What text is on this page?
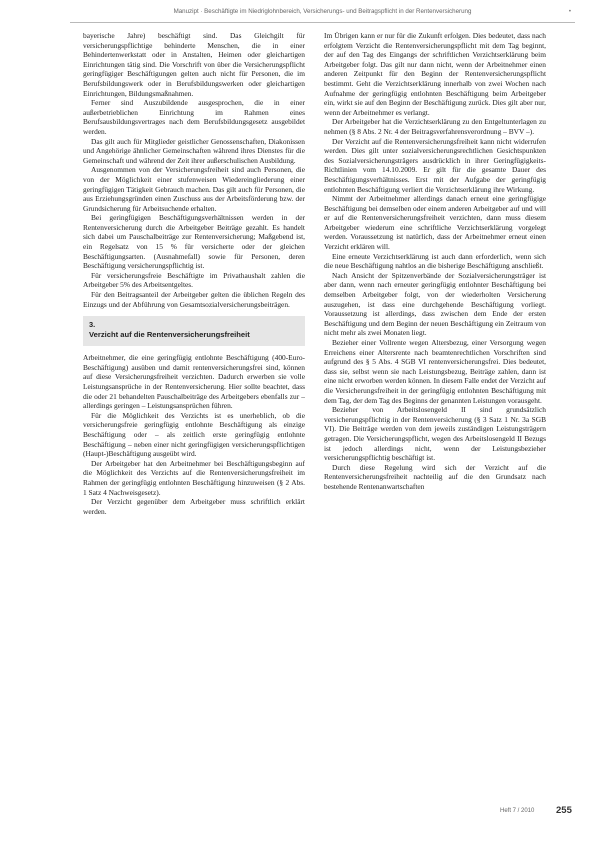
Manuzipt · Beschäftigte im Niedriglohnbereich, Versicherungs- und Beitragspflicht in der Rentenversicherung	•

bayerische Jahre) beschäftigt sind. Das Gleichgilt für versicherungspflichtige behinderte Menschen, die in einer Behindertenwerkstatt oder in Anstalten, Heimen oder gleichartigen Einrichtungen tätig sind. Die Vorschrift von über die Versicherungspflicht geringfügiger Beschäftigungen gelten auch nicht für Personen, die im Berufsbildungswerk oder in Berufsbildungswerken oder gleichartigen Einrichtungen, Bildungsmaßnahmen.

Ferner sind Auszubildende ausgesprochen, die in einer außerbetrieblichen Einrichtung im Rahmen eines Berufsausbildungsvertrages nach dem Berufsbildungsgesetz ausgebildet werden.

Das gilt auch für Mitglieder geistlicher Genossenschaften, Diakonissen und Angehörige ähnlicher Gemeinschaften während ihres Dienstes für die Gemeinschaft und während der Zeit ihrer außerschulischen Ausbildung.

Ausgenommen von der Versicherungsfreiheit sind auch Personen, die von der Möglichkeit einer stufenweisen Wiedereingliederung einer geringfügigen Tätigkeit Gebrauch machen. Das gilt auch für Personen, die aus Erziehungsgründen einen Zuschuss aus der Arbeitsförderung bzw. der Grundsicherung für Arbeitsuchende erhalten.

Bei geringfügigen Beschäftigungsverhältnissen werden in der Rentenversicherung durch die Arbeitgeber Beiträge gezahlt. Es handelt sich dabei um Pauschalbeiträge zur Rentenversicherung; Maßgebend ist, ein Regelsatz von 15 % für versicherte oder der gleichen Beschäftigungsarten. (Ausnahmefall) sowie für Personen, deren Beschäftigung versicherungspflichtig ist.

Für versicherungsfreie Beschäftigte im Privathaushalt zahlen die Arbeitgeber 5% des Arbeitsentgeltes.

Für den Beitragsanteil der Arbeitgeber gelten die üblichen Regeln des Einzugs und der Abführung von Gesamtsozialversicherungsbeiträgen.

3.
Verzicht auf die Rentenversicherungsfreiheit

Arbeitnehmer, die eine geringfügig entlohnte Beschäftigung (400-Euro-Beschäftigung) ausüben und damit rentenversicherungsfrei sind, können auf diese Versicherungsfreiheit verzichten. Dadurch erwerben sie volle Leistungsansprüche in der Rentenversicherung. Hier sollte beachtet, dass die oder 21 behandelten Pauschalbeiträge des Arbeitgebers ebenfalls zur – allerdings geringen – Leistungsansprüchen führen.

Für die Möglichkeit des Verzichts ist es unerheblich, ob die versicherungsfreie geringfügig entlohnte Beschäftigung als einzige Beschäftigung oder – als zeitlich erste geringfügig entlohnte Beschäftigung – neben einer nicht geringfügigen versicherungspflichtigen (Haupt-)Beschäftigung ausgeübt wird.

Der Arbeitgeber hat den Arbeitnehmer bei Beschäftigungsbeginn auf die Möglichkeit des Verzichts auf die Rentenversicherungsfreiheit im Rahmen der geringfügig entlohnten Beschäftigung hinzuweisen (§ 2 Abs. 1 Satz 4 Nachweisgesetz).

Der Verzicht gegenüber dem Arbeitgeber muss schriftlich erklärt werden.

Im Übrigen kann er nur für die Zukunft erfolgen. Dies bedeutet, dass nach erfolgtem Verzicht die Rentenversicherungspflicht mit dem Tag beginnt, der auf den Tag des Eingangs der schriftlichen Verzichtserklärung beim Arbeitgeber folgt. Das gilt nur dann nicht, wenn der Arbeitnehmer einen anderen Zeitpunkt für den Beginn der Rentenversicherungspflicht bestimmt. Geht die Verzichtserklärung innerhalb von zwei Wochen nach Aufnahme der geringfügig entlohnten Beschäftigung beim Arbeitgeber ein, wirkt sie auf den Beginn der Beschäftigung zurück. Dies gilt aber nur, wenn der Arbeitnehmer es verlangt.

Der Arbeitgeber hat die Verzichtserklärung zu den Entgeltunterlagen zu nehmen (§ 8 Abs. 2 Nr. 4 der Beitragsverfahrensverordnung – BVV –).

Der Verzicht auf die Rentenversicherungsfreiheit kann nicht widerrufen werden. Dies gilt unter sozialversicherungsrechtlichen Gesichtspunkten des Sozialversicherungsträgers ausdrücklich in ihrer Geringfügigkeits-Richtlinien vom 14.10.2009. Er gilt für die gesamte Dauer des Beschäftigungsverhältnisses. Erst mit der Aufgabe der geringfügig entlohnten Beschäftigung verliert die Verzichtserklärung ihre Wirkung.

Nimmt der Arbeitnehmer allerdings danach erneut eine geringfügige Beschäftigung bei demselben oder einem anderen Arbeitgeber auf und will er auf die Rentenversicherungsfreiheit verzichten, dann muss diesem Arbeitgeber wiederum eine schriftliche Verzichtserklärung vorgelegt werden. Voraussetzung ist natürlich, dass der Arbeitnehmer erneut einen Verzicht erklären will.

Eine erneute Verzichtserklärung ist auch dann erforderlich, wenn sich die neue Beschäftigung nahtlos an die bisherige Beschäftigung anschließt.

Nach Ansicht der Spitzenverbände der Sozialversicherungsträger ist aber dann, wenn nach erneuter geringfügig entlohnter Beschäftigung bei demselben Arbeitgeber folgt, von der wiederholten Versicherung auszugehen, ist dass eine durchgehende Beschäftigung vorliegt. Voraussetzung ist allerdings, dass zwischen dem Ende der ersten Beschäftigung und dem Beginn der neuen Beschäftigung ein Zeitraum von nicht mehr als zwei Monaten liegt.

Bezieher einer Vollrente wegen Altersbezug, einer Versorgung wegen Erreichens einer Altersrente nach beamtenrechtlichen Vorschriften sind aufgrund des § 5 Abs. 4 SGB VI rentenversicherungsfrei. Dies bedeutet, dass sie, selbst wenn sie nach Leistungsbezug, Beiträge zahlen, dann ist eine nicht erworben werden können. In diesem Falle endet der Verzicht auf die Versicherungsfreiheit in der geringfügig entlohnten Beschäftigung mit dem Tag, der dem Tag des Beginns der genannten Leistungen vorausgeht.

Bezieher von Arbeitslosengeld II sind grundsätzlich versicherungspflichtig in der Rentenversicherung (§ 3 Satz 1 Nr. 3a SGB VI). Die Beiträge werden von dem jeweils zuständigen Leistungsträgern getragen. Die Versicherungspflicht, wegen des Arbeitslosengeld II Bezugs ist jedoch allerdings nicht, wenn der Leistungsbezieher versicherungspflichtig beschäftigt ist.

Durch diese Regelung wird sich der Verzicht auf die Rentenversicherungsfreiheit nachteilig auf die den Grundsatz nach bestehende Rentenanwartschaften

Heft 7 / 2010 255
